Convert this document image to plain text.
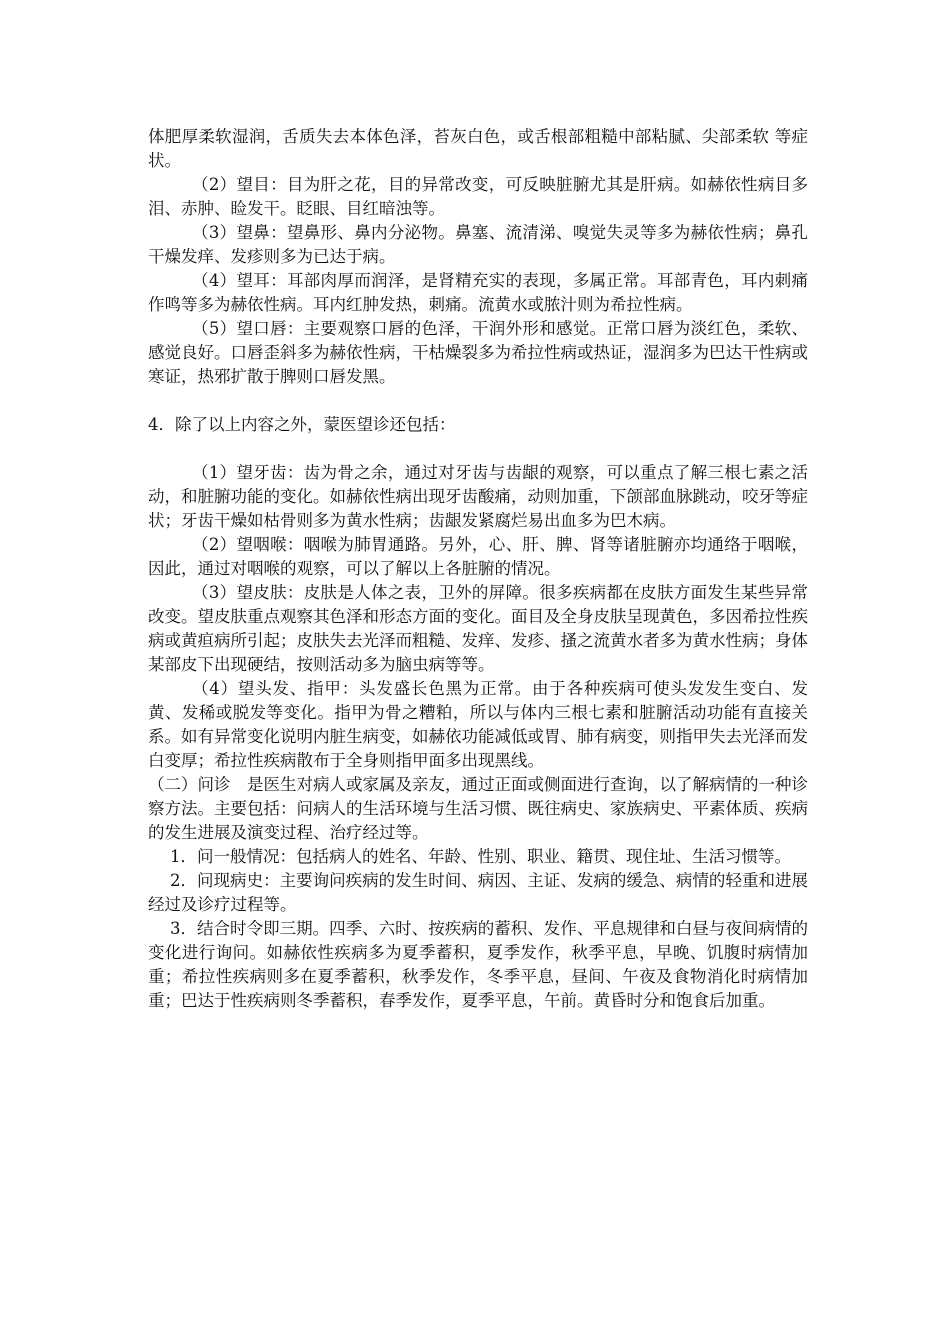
体肥厚柔软湿润，舌质失去本体色泽，苔灰白色，或舌根部粗糙中部粘腻、尖部柔软 等症状。

（2）望目：目为肝之花，目的异常改变，可反映脏腑尤其是肝病。如赫依性病目多泪、赤肿、睑发干。眨眼、目红暗浊等。

（3）望鼻：望鼻形、鼻内分泌物。鼻塞、流清涕、嗅觉失灵等多为赫依性病；鼻孔干燥发痒、发疹则多为已达于病。

（4）望耳：耳部肉厚而润泽，是肾精充实的表现，多属正常。耳部青色，耳内刺痛作鸣等多为赫依性病。耳内红肿发热，刺痛。流黄水或脓汁则为希拉性病。

（5）望口唇：主要观察口唇的色泽，干润外形和感觉。正常口唇为淡红色，柔软、感觉良好。口唇歪斜多为赫依性病，干枯燥裂多为希拉性病或热证，湿润多为巴达干性病或寒证，热邪扩散于脾则口唇发黑。

4．除了以上内容之外，蒙医望诊还包括：

（1）望牙齿：齿为骨之余，通过对牙齿与齿龈的观察，可以重点了解三根七素之活动，和脏腑功能的变化。如赫依性病出现牙齿酸痛，动则加重，下颌部血脉跳动，咬牙等症状；牙齿干燥如枯骨则多为黄水性病；齿龈发紧腐烂易出血多为巴木病。

（2）望咽喉：咽喉为肺胃通路。另外，心、肝、脾、肾等诸脏腑亦均通络于咽喉，因此，通过对咽喉的观察，可以了解以上各脏腑的情况。

（3）望皮肤：皮肤是人体之表，卫外的屏障。很多疾病都在皮肤方面发生某些异常改变。望皮肤重点观察其色泽和形态方面的变化。面目及全身皮肤呈现黄色，多因希拉性疾病或黄疸病所引起；皮肤失去光泽而粗糙、发痒、发疹、搔之流黄水者多为黄水性病；身体某部皮下出现硬结，按则活动多为脑虫病等等。

（4）望头发、指甲：头发盛长色黑为正常。由于各种疾病可使头发发生变白、发黄、发稀或脱发等变化。指甲为骨之糟粕，所以与体内三根七素和脏腑活动功能有直接关系。如有异常变化说明内脏生病变，如赫依功能减低或胃、肺有病变，则指甲失去光泽而发白变厚；希拉性疾病散布于全身则指甲面多出现黑线。

（二）问诊　是医生对病人或家属及亲友，通过正面或侧面进行查询，以了解病情的一种诊察方法。主要包括：问病人的生活环境与生活习惯、既往病史、家族病史、平素体质、疾病的发生进展及演变过程、治疗经过等。

1．问一般情况：包括病人的姓名、年龄、性别、职业、籍贯、现住址、生活习惯等。

2．问现病史：主要询问疾病的发生时间、病因、主证、发病的缓急、病情的轻重和进展经过及诊疗过程等。

3．结合时令即三期。四季、六时、按疾病的蓄积、发作、平息规律和白昼与夜间病情的变化进行询问。如赫依性疾病多为夏季蓄积，夏季发作，秋季平息，早晚、饥腹时病情加重；希拉性疾病则多在夏季蓄积，秋季发作，冬季平息，昼间、午夜及食物消化时病情加重；巴达于性疾病则冬季蓄积，春季发作，夏季平息，午前。黄昏时分和饱食后加重。
